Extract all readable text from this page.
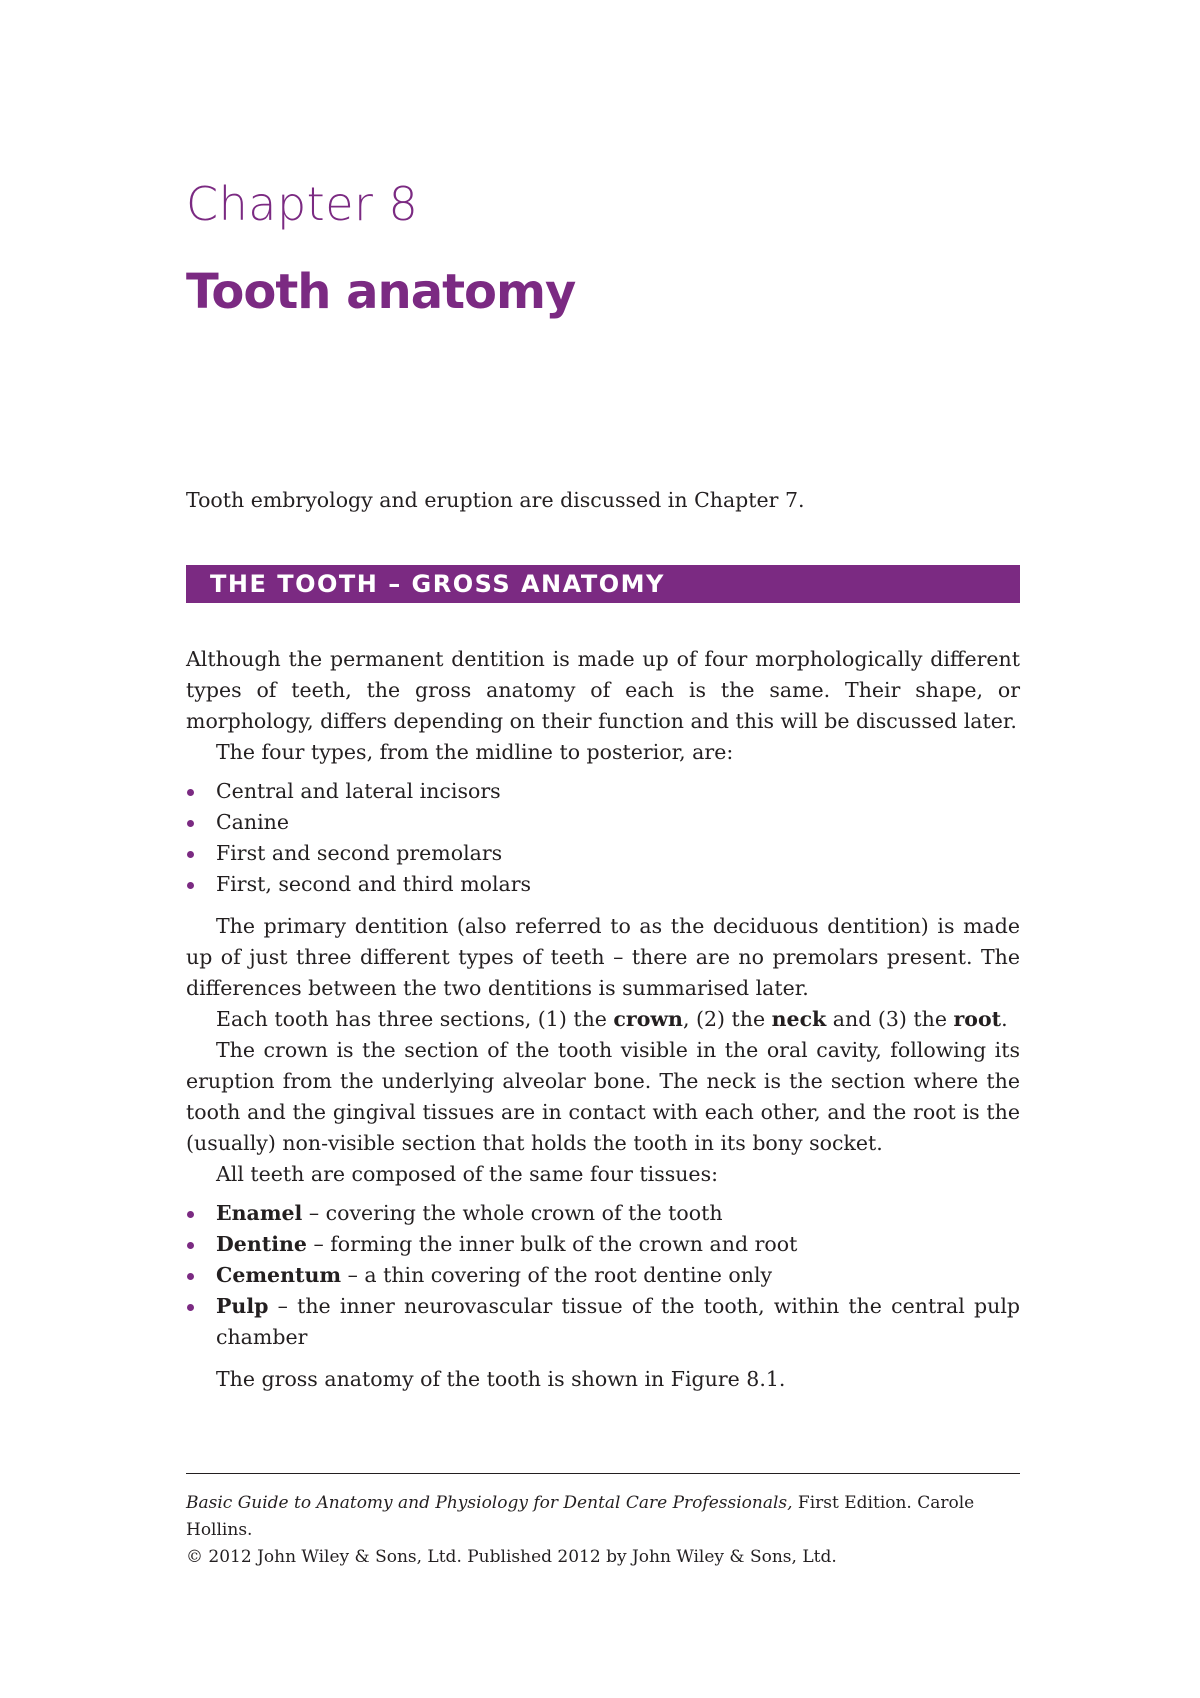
Chapter 8
Tooth anatomy

Tooth embryology and eruption are discussed in Chapter 7.

THE TOOTH – GROSS ANATOMY

Although the permanent dentition is made up of four morphologically different types of teeth, the gross anatomy of each is the same. Their shape, or morphology, differs depending on their function and this will be discussed later.

The four types, from the midline to posterior, are:

Central and lateral incisors
Canine
First and second premolars
First, second and third molars

The primary dentition (also referred to as the deciduous dentition) is made up of just three different types of teeth – there are no premolars present. The differences between the two dentitions is summarised later.

Each tooth has three sections, (1) the crown, (2) the neck and (3) the root.

The crown is the section of the tooth visible in the oral cavity, following its eruption from the underlying alveolar bone. The neck is the section where the tooth and the gingival tissues are in contact with each other, and the root is the (usually) non-visible section that holds the tooth in its bony socket.

All teeth are composed of the same four tissues:

Enamel – covering the whole crown of the tooth
Dentine – forming the inner bulk of the crown and root
Cementum – a thin covering of the root dentine only
Pulp – the inner neurovascular tissue of the tooth, within the central pulp chamber

The gross anatomy of the tooth is shown in Figure 8.1.

Basic Guide to Anatomy and Physiology for Dental Care Professionals, First Edition. Carole Hollins.
© 2012 John Wiley & Sons, Ltd. Published 2012 by John Wiley & Sons, Ltd.
